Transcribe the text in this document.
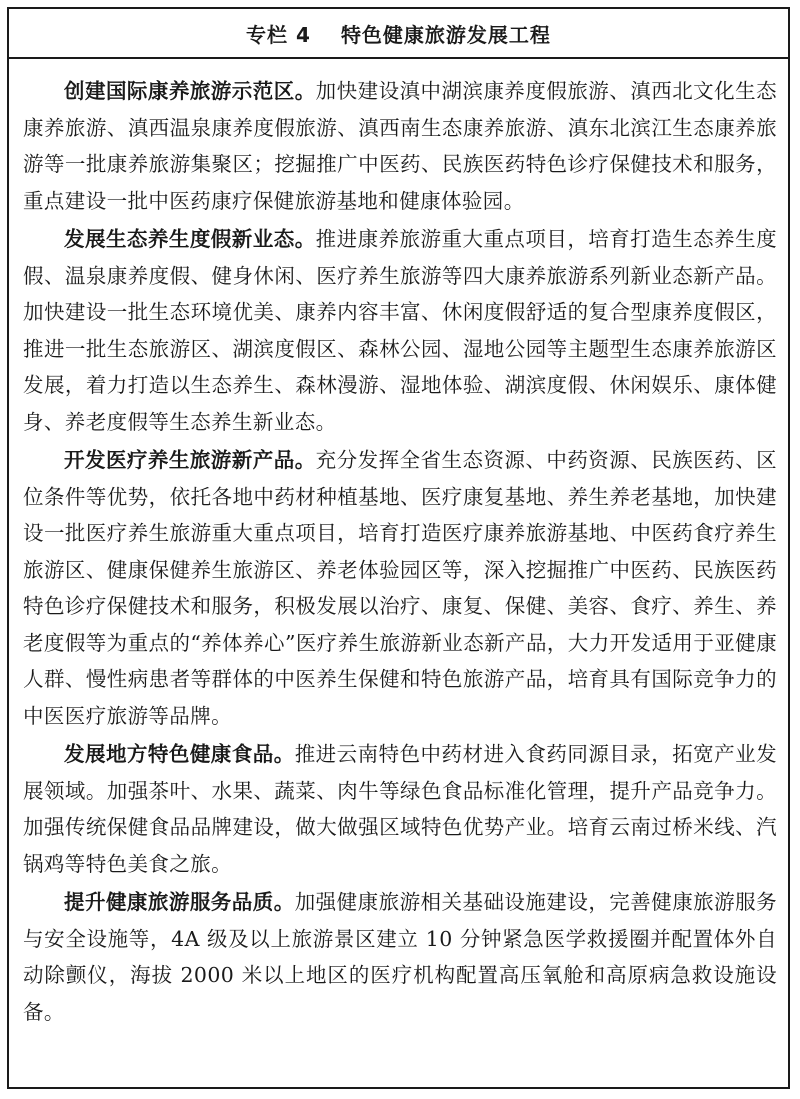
专栏 4 特色健康旅游发展工程

创建国际康养旅游示范区。加快建设滇中湖滨康养度假旅游、滇西北文化生态康养旅游、滇西温泉康养度假旅游、滇西南生态康养旅游、滇东北滨江生态康养旅游等一批康养旅游集聚区；挖掘推广中医药、民族医药特色诊疗保健技术和服务，重点建设一批中医药康疗保健旅游基地和健康体验园。

发展生态养生度假新业态。推进康养旅游重大重点项目，培育打造生态养生度假、温泉康养度假、健身休闲、医疗养生旅游等四大康养旅游系列新业态新产品。加快建设一批生态环境优美、康养内容丰富、休闲度假舒适的复合型康养度假区，推进一批生态旅游区、湖滨度假区、森林公园、湿地公园等主题型生态康养旅游区发展，着力打造以生态养生、森林漫游、湿地体验、湖滨度假、休闲娱乐、康体健身、养老度假等生态养生新业态。

开发医疗养生旅游新产品。充分发挥全省生态资源、中药资源、民族医药、区位条件等优势，依托各地中药材种植基地、医疗康复基地、养生养老基地，加快建设一批医疗养生旅游重大重点项目，培育打造医疗康养旅游基地、中医药食疗养生旅游区、健康保健养生旅游区、养老体验园区等，深入挖掘推广中医药、民族医药特色诊疗保健技术和服务，积极发展以治疗、康复、保健、美容、食疗、养生、养老度假等为重点的“养体养心”医疗养生旅游新业态新产品，大力开发适用于亚健康人群、慢性病患者等群体的中医养生保健和特色旅游产品，培育具有国际竞争力的中医医疗旅游等品牌。

发展地方特色健康食品。推进云南特色中药材进入食药同源目录，拓宽产业发展领域。加强茶叶、水果、蔬菜、肉牛等绿色食品标准化管理，提升产品竞争力。加强传统保健食品品牌建设，做大做强区域特色优势产业。培育云南过桥米线、汽锅鸡等特色美食之旅。

提升健康旅游服务品质。加强健康旅游相关基础设施建设，完善健康旅游服务与安全设施等，4A 级及以上旅游景区建立 10 分钟紧急医学救援圈并配置体外自动除颤仪，海拔 2000 米以上地区的医疗机构配置高压氧舱和高原病急救设施设备。
